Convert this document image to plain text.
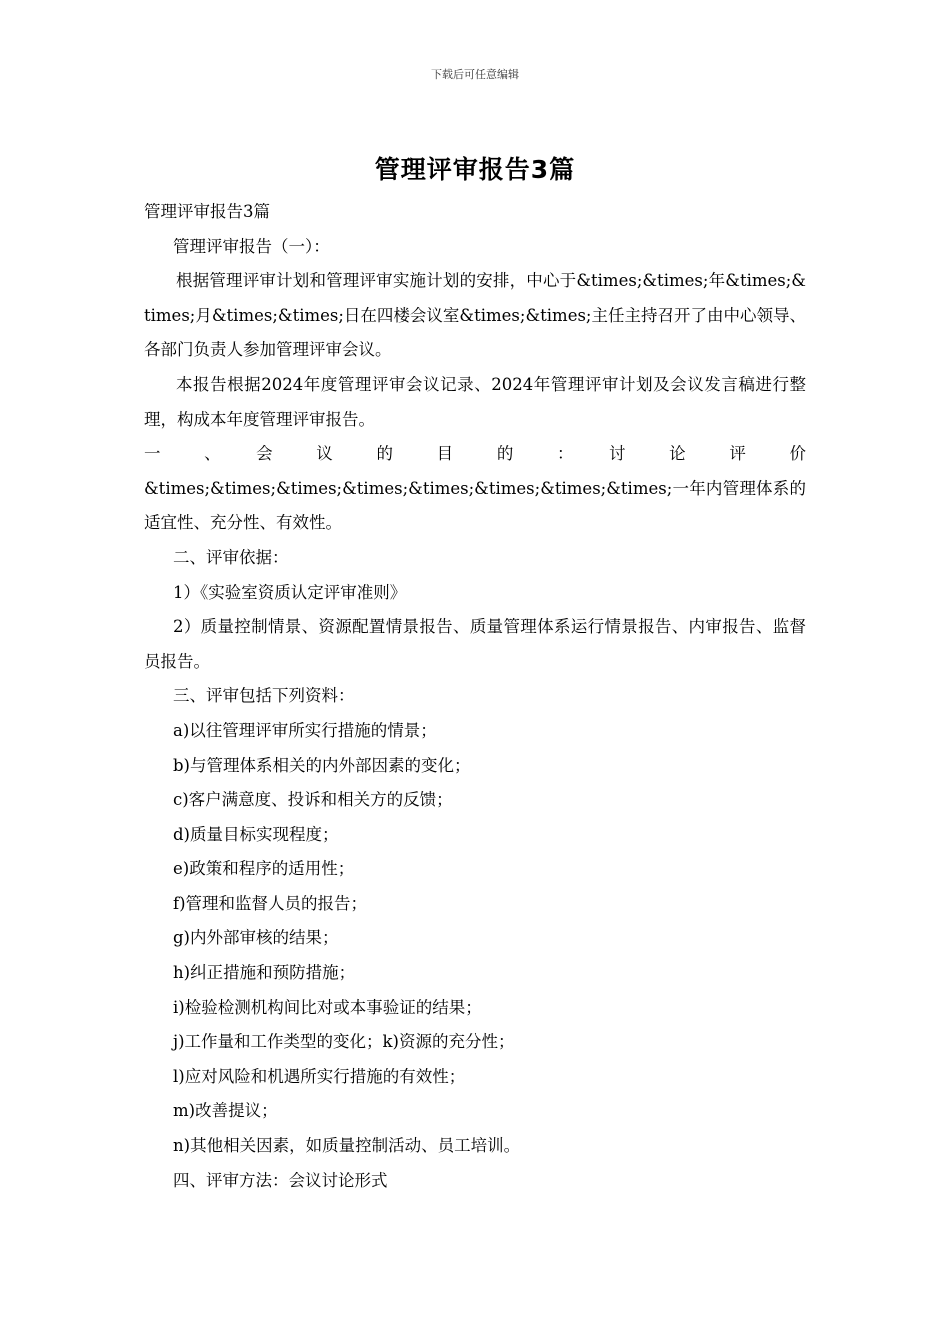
下载后可任意编辑
管理评审报告3篇

管理评审报告3篇

管理评审报告（一）：

根据管理评审计划和管理评审实施计划的安排，中心于&times;&times;年&times;&times;月&times;&times;日在四楼会议室&times;&times;主任主持召开了由中心领导、各部门负责人参加管理评审会议。

本报告根据2024年度管理评审会议记录、2024年管理评审计划及会议发言稿进行整理，构成本年度管理评审报告。

一　、　会　议　的　目　的　：　讨　论　评　价

&times;&times;&times;&times;&times;&times;&times;&times;一年内管理体系的适宜性、充分性、有效性。

二、评审依据：

1）《实验室资质认定评审准则》

2）质量控制情景、资源配置情景报告、质量管理体系运行情景报告、内审报告、监督员报告。

三、评审包括下列资料：

a)以往管理评审所实行措施的情景；

b)与管理体系相关的内外部因素的变化；

c)客户满意度、投诉和相关方的反馈；

d)质量目标实现程度；

e)政策和程序的适用性；

f)管理和监督人员的报告；

g)内外部审核的结果；

h)纠正措施和预防措施；

i)检验检测机构间比对或本事验证的结果；

j)工作量和工作类型的变化；k)资源的充分性；

l)应对风险和机遇所实行措施的有效性；

m)改善提议；

n)其他相关因素，如质量控制活动、员工培训。

四、评审方法：会议讨论形式
